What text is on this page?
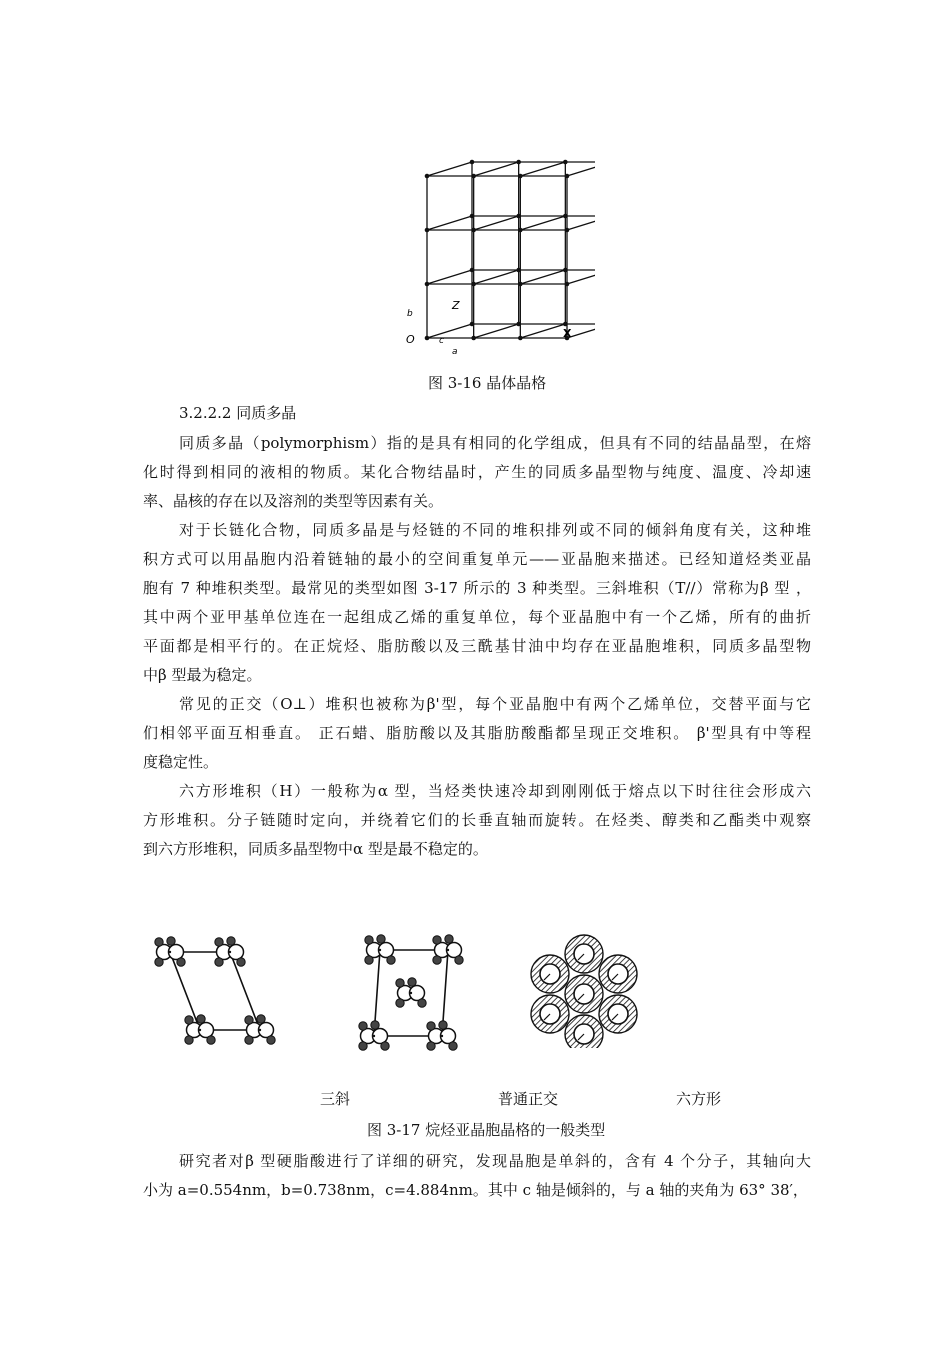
b
Z
O	c
a
X
图 3-16 晶体晶格
3.2.2.2 同质多晶

同质多晶（polymorphism）指的是具有相同的化学组成，但具有不同的结晶晶型，在熔

化时得到相同的液相的物质。某化合物结晶时，产生的同质多晶型物与纯度、温度、冷却速

率、晶核的存在以及溶剂的类型等因素有关。

对于长链化合物，同质多晶是与烃链的不同的堆积排列或不同的倾斜角度有关，这种堆

积方式可以用晶胞内沿着链轴的最小的空间重复单元——亚晶胞来描述。已经知道烃类亚晶

胞有 7 种堆积类型。最常见的类型如图 3-17 所示的 3 种类型。三斜堆积（T//）常称为β 型 ，

其中两个亚甲基单位连在一起组成乙烯的重复单位，每个亚晶胞中有一个乙烯，所有的曲折

平面都是相平行的。在正烷烃、脂肪酸以及三酰基甘油中均存在亚晶胞堆积，同质多晶型物

中β 型最为稳定。

常见的正交（O⊥）堆积也被称为β'型，每个亚晶胞中有两个乙烯单位，交替平面与它

们相邻平面互相垂直。 正石蜡、脂肪酸以及其脂肪酸酯都呈现正交堆积。 β'型具有中等程

度稳定性。

六方形堆积（H）一般称为α 型，当烃类快速冷却到刚刚低于熔点以下时往往会形成六

方形堆积。分子链随时定向，并绕着它们的长垂直轴而旋转。在烃类、醇类和乙酯类中观察

到六方形堆积，同质多晶型物中α 型是最不稳定的。

三斜	普通正交	六方形
图 3-17 烷烃亚晶胞晶格的一般类型

研究者对β 型硬脂酸进行了详细的研究，发现晶胞是单斜的，含有 4 个分子，其轴向大

小为 a=0.554nm，b=0.738nm，c=4.884nm。其中 c 轴是倾斜的，与 a 轴的夹角为 63° 38′，
